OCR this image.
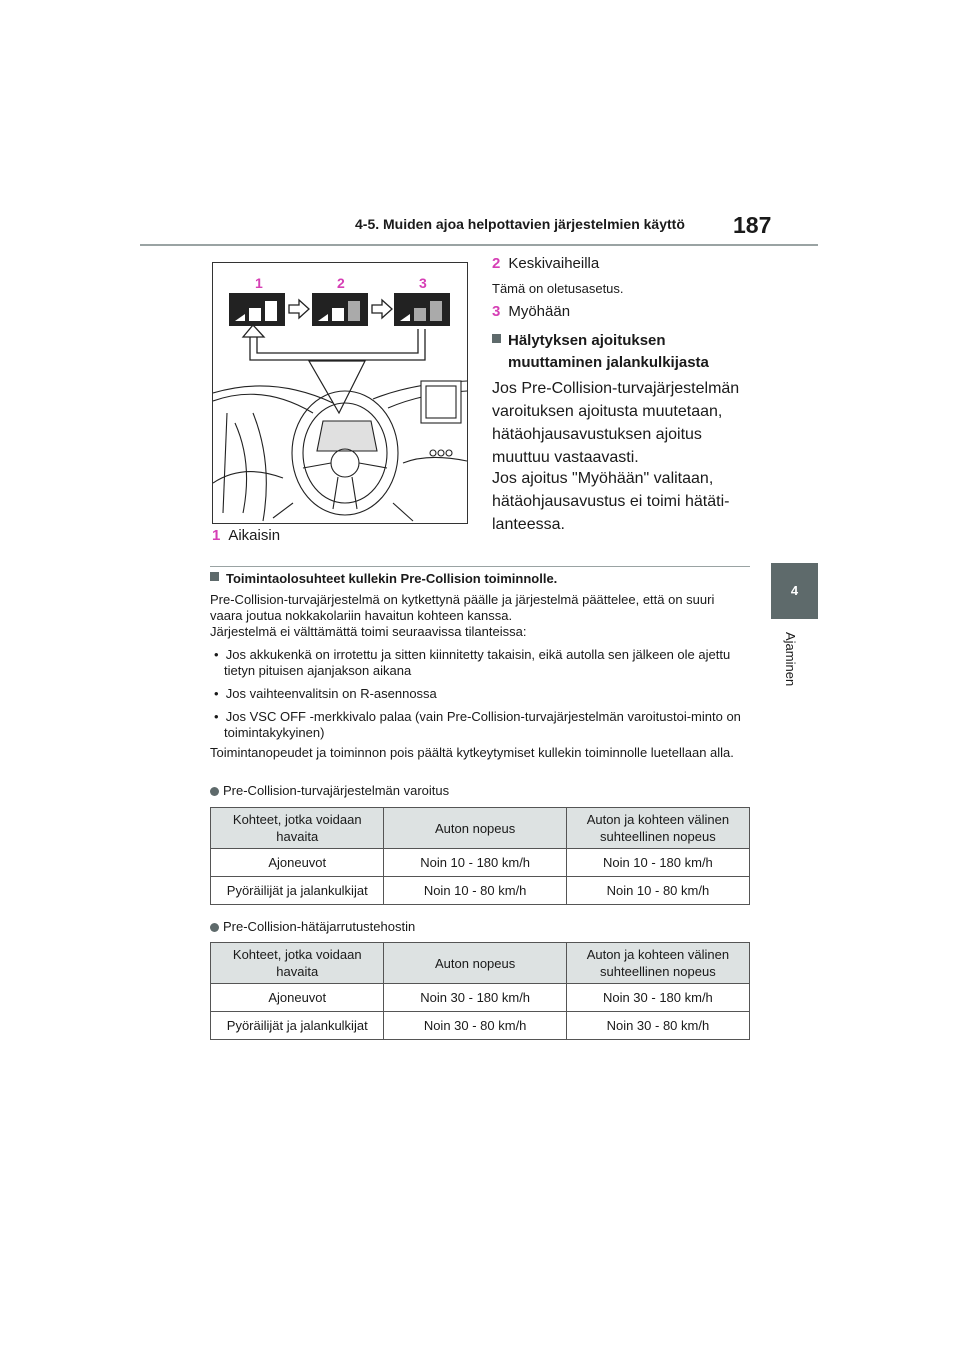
4-5. Muiden ajoa helpottavien järjestelmien käyttö 187
4
Ajaminen
1	2	3
1 Aikaisin
2 Keskivaiheilla
Tämä on oletusasetus.
3 Myöhään
Hälytyksen ajoituksen
muuttaminen jalankulkijasta
Jos Pre-Collision-turvajärjestelmän varoituksen ajoitusta muutetaan, hätäohjausavustuksen ajoitus muuttuu vastaavasti.
Jos ajoitus "Myöhään" valitaan, hätäohjausavustus ei toimi hätäti-lanteessa.
Toimintaolosuhteet kullekin Pre-Collision toiminnolle.
Pre-Collision-turvajärjestelmä on kytkettynä päälle ja järjestelmä päättelee, että on suuri vaara joutua nokkakolariin havaitun kohteen kanssa.
Järjestelmä ei välttämättä toimi seuraavissa tilanteissa:
•  Jos akkukenkä on irrotettu ja sitten kiinnitetty takaisin, eikä autolla sen jälkeen ole ajettu tietyn pituisen ajanjakson aikana
•  Jos vaihteenvalitsin on R-asennossa
•  Jos VSC OFF -merkkivalo palaa (vain Pre-Collision-turvajärjestelmän varoitustoi-minto on toimintakykyinen)
Toimintanopeudet ja toiminnon pois päältä kytkeytymiset kullekin toiminnolle luetellaan alla.
Pre-Collision-turvajärjestelmän varoitus
Kohteet, jotka voidaan havaita	Auton nopeus	Auton ja kohteen välinen suhteellinen nopeus
Ajoneuvot	Noin 10 - 180 km/h	Noin 10 - 180 km/h
Pyöräilijät ja jalankulkijat	Noin 10 - 80 km/h	Noin 10 - 80 km/h
Pre-Collision-hätäjarrutustehostin
Kohteet, jotka voidaan havaita	Auton nopeus	Auton ja kohteen välinen suhteellinen nopeus
Ajoneuvot	Noin 30 - 180 km/h	Noin 30 - 180 km/h
Pyöräilijät ja jalankulkijat	Noin 30 - 80 km/h	Noin 30 - 80 km/h
